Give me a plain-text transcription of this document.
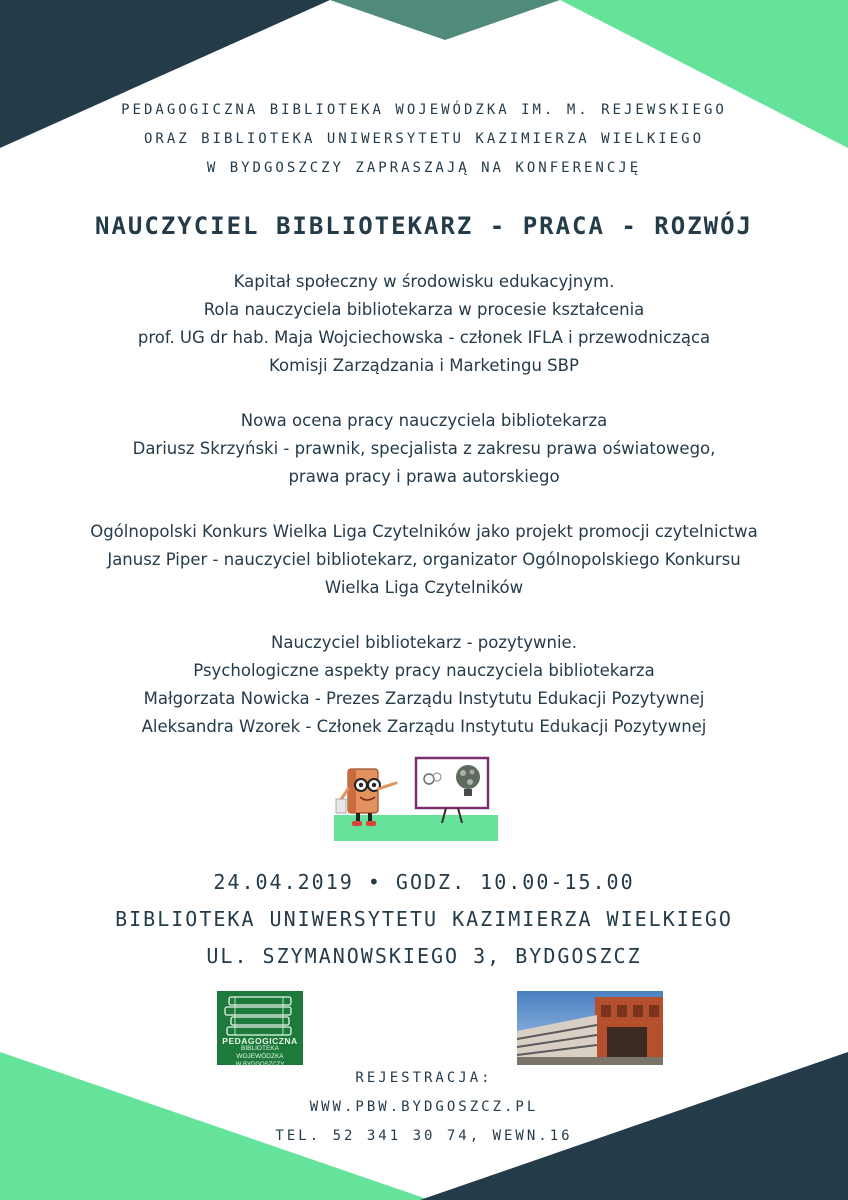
PEDAGOGICZNA BIBLIOTEKA WOJEWÓDZKA IM. M. REJEWSKIEGO
ORAZ BIBLIOTEKA UNIWERSYTETU KAZIMIERZA WIELKIEGO
W BYDGOSZCZY ZAPRASZAJĄ NA KONFERENCJĘ
NAUCZYCIEL BIBLIOTEKARZ - PRACA - ROZWÓJ
Kapitał społeczny w środowisku edukacyjnym.
Rola nauczyciela bibliotekarza w procesie kształcenia
prof. UG dr hab. Maja Wojciechowska - członek IFLA i przewodnicząca
Komisji Zarządzania i Marketingu SBP
Nowa ocena pracy nauczyciela bibliotekarza
Dariusz Skrzyński - prawnik, specjalista z zakresu prawa oświatowego,
prawa pracy i prawa autorskiego
Ogólnopolski Konkurs Wielka Liga Czytelników jako projekt promocji czytelnictwa
Janusz Piper - nauczyciel bibliotekarz, organizator Ogólnopolskiego Konkursu
Wielka Liga Czytelników
Nauczyciel bibliotekarz - pozytywnie.
Psychologiczne aspekty pracy nauczyciela bibliotekarza
Małgorzata Nowicka - Prezes Zarządu Instytutu Edukacji Pozytywnej
Aleksandra Wzorek - Członek Zarządu Instytutu Edukacji Pozytywnej
24.04.2019 • GODZ. 10.00-15.00
BIBLIOTEKA UNIWERSYTETU KAZIMIERZA WIELKIEGO
UL. SZYMANOWSKIEGO 3, BYDGOSZCZ
PEDAGOGICZNA
BIBLIOTEKA WOJEWÓDZKA
W BYDGOSZCZY
REJESTRACJA:
WWW.PBW.BYDGOSZCZ.PL
TEL. 52 341 30 74, WEWN.16
